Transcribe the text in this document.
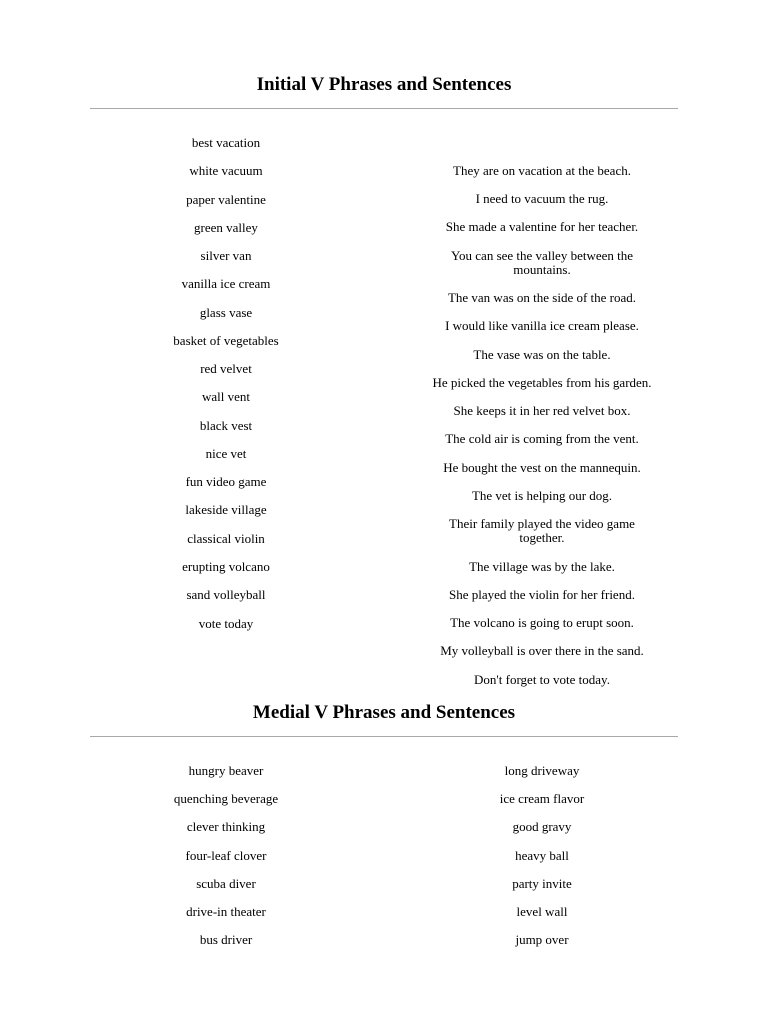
Initial V Phrases and Sentences

best vacation

white vacuum

paper valentine

green valley

silver van

vanilla ice cream

glass vase

basket of vegetables

red velvet

wall vent

black vest

nice vet

fun video game

lakeside village

classical violin

erupting volcano

sand volleyball

vote today

They are on vacation at the beach.

I need to vacuum the rug.

She made a valentine for her teacher.

You can see the valley between the mountains.

The van was on the side of the road.

I would like vanilla ice cream please.

The vase was on the table.

He picked the vegetables from his garden.

She keeps it in her red velvet box.

The cold air is coming from the vent.

He bought the vest on the mannequin.

The vet is helping our dog.

Their family played the video game together.

The village was by the lake.

She played the violin for her friend.

The volcano is going to erupt soon.

My volleyball is over there in the sand.

Don't forget to vote today.

Medial V Phrases and Sentences

hungry beaver

quenching beverage

clever thinking

four-leaf clover

scuba diver

drive-in theater

bus driver

long driveway

ice cream flavor

good gravy

heavy ball

party invite

level wall

jump over
